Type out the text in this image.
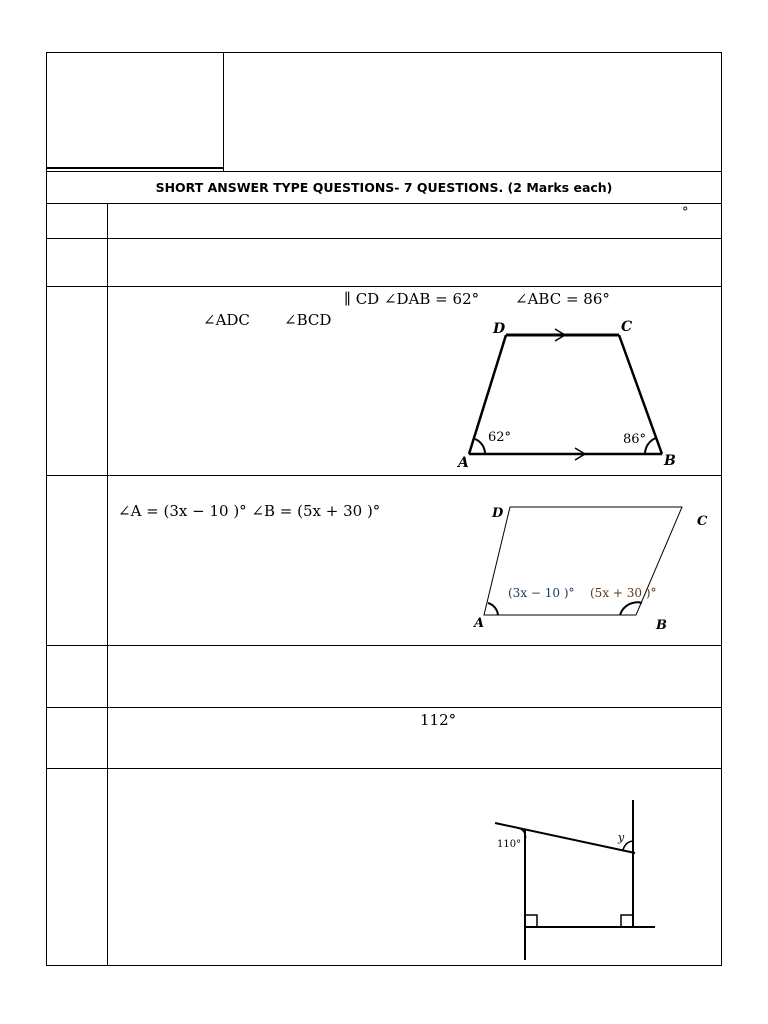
SHORT ANSWER TYPE QUESTIONS- 7 QUESTIONS. (2 Marks each)
°
∥ CD ∠DAB = 62° ∠ABC = 86°
∠ADC ∠BCD	D	C
A	B
62°	86°
∠A = (3x − 10 )° ∠B = (5x + 30 )°	D
C
A	B
(3x − 10 )° (5x + 30 )°
112°
110°
y
